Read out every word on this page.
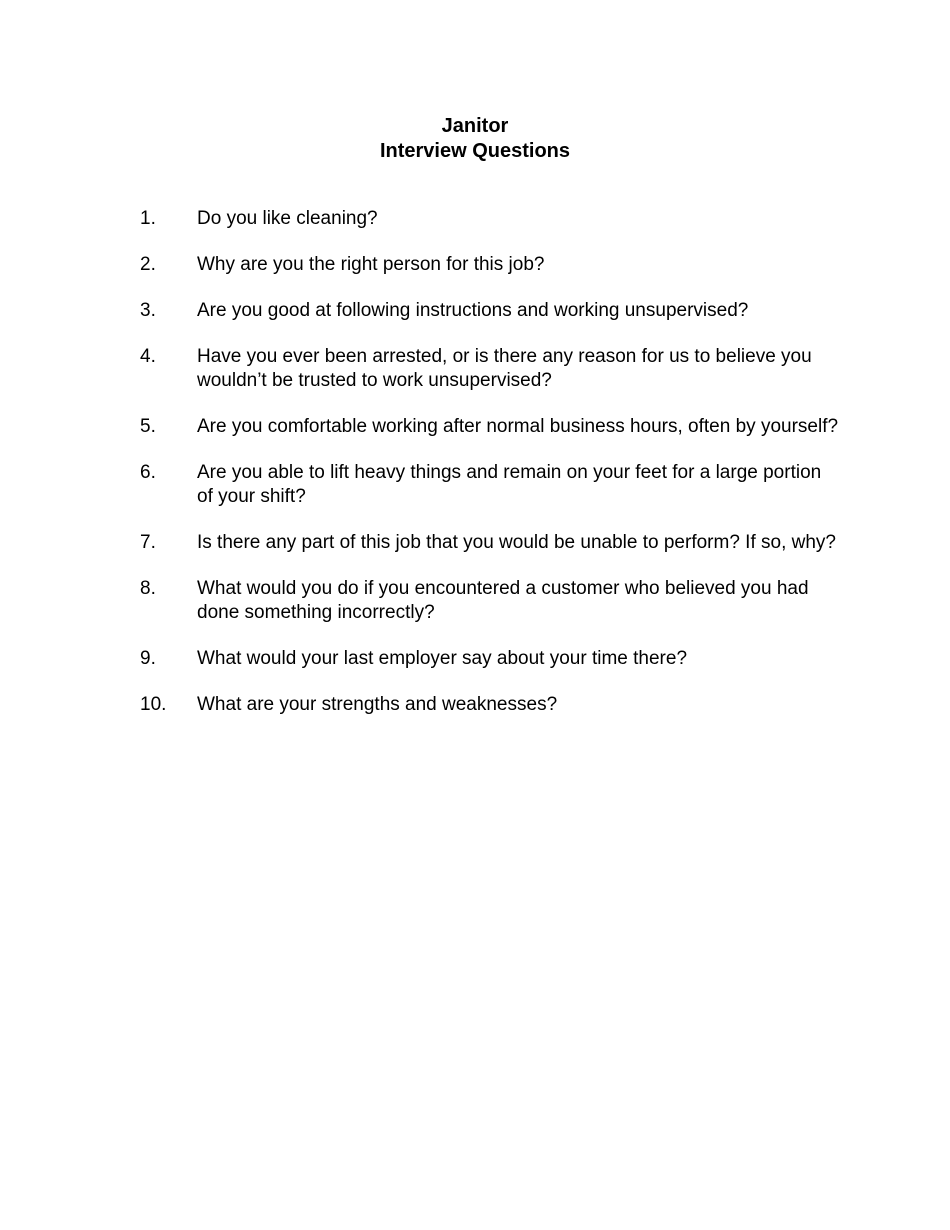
Janitor
Interview Questions
1.	Do you like cleaning?
2.	Why are you the right person for this job?
3.	Are you good at following instructions and working unsupervised?
4.	Have you ever been arrested, or is there any reason for us to believe you wouldn’t be trusted to work unsupervised?
5.	Are you comfortable working after normal business hours, often by yourself?
6.	Are you able to lift heavy things and remain on your feet for a large portion of your shift?
7.	Is there any part of this job that you would be unable to perform? If so, why?
8.	What would you do if you encountered a customer who believed you had done something incorrectly?
9.	What would your last employer say about your time there?
10.	What are your strengths and weaknesses?
